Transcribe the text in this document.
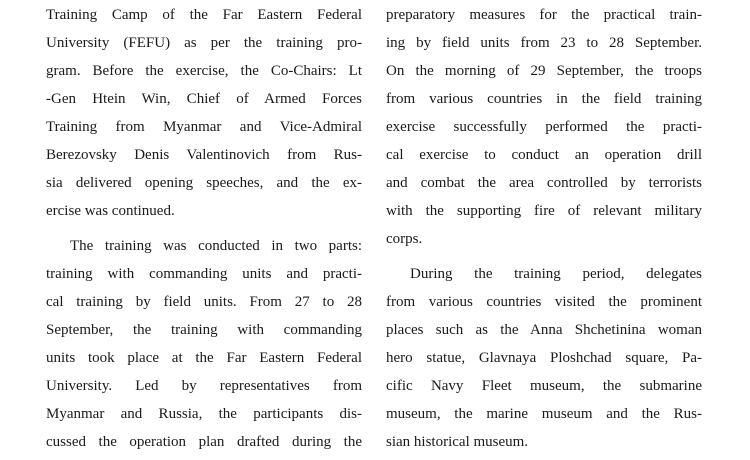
Training Camp of the Far Eastern Federal
University (FEFU) as per the training pro-
gram. Before the exercise, the Co-Chairs: Lt
-Gen Htein Win, Chief of Armed Forces
Training from Myanmar and Vice-Admiral
Berezovsky Denis Valentinovich from Rus-
sia delivered opening speeches, and the ex-
ercise was continued.
The training was conducted in two parts:
training with commanding units and practi-
cal training by field units. From 27 to 28
September, the training with commanding
units took place at the Far Eastern Federal
University. Led by representatives from
Myanmar and Russia, the participants dis-
cussed the operation plan drafted during the
preparatory measures for the practical train-
ing by field units from 23 to 28 September.
On the morning of 29 September, the troops
from various countries in the field training
exercise successfully performed the practi-
cal exercise to conduct an operation drill
and combat the area controlled by terrorists
with the supporting fire of relevant military
corps.
During the training period, delegates
from various countries visited the prominent
places such as the Anna Shchetinina woman
hero statue, Glavnaya Ploshchad square, Pa-
cific Navy Fleet museum, the submarine
museum, the marine museum and the Rus-
sian historical museum.
